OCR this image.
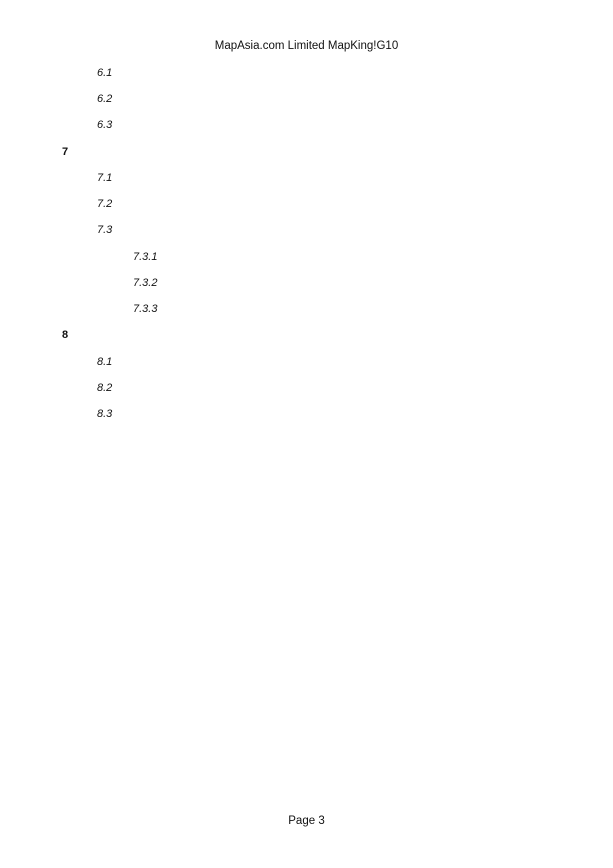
MapAsia.com Limited MapKing!G10
6.1
6.2
6.3
7
7.1
7.2
7.3
7.3.1
7.3.2
7.3.3
8
8.1
8.2
8.3
Page 3
